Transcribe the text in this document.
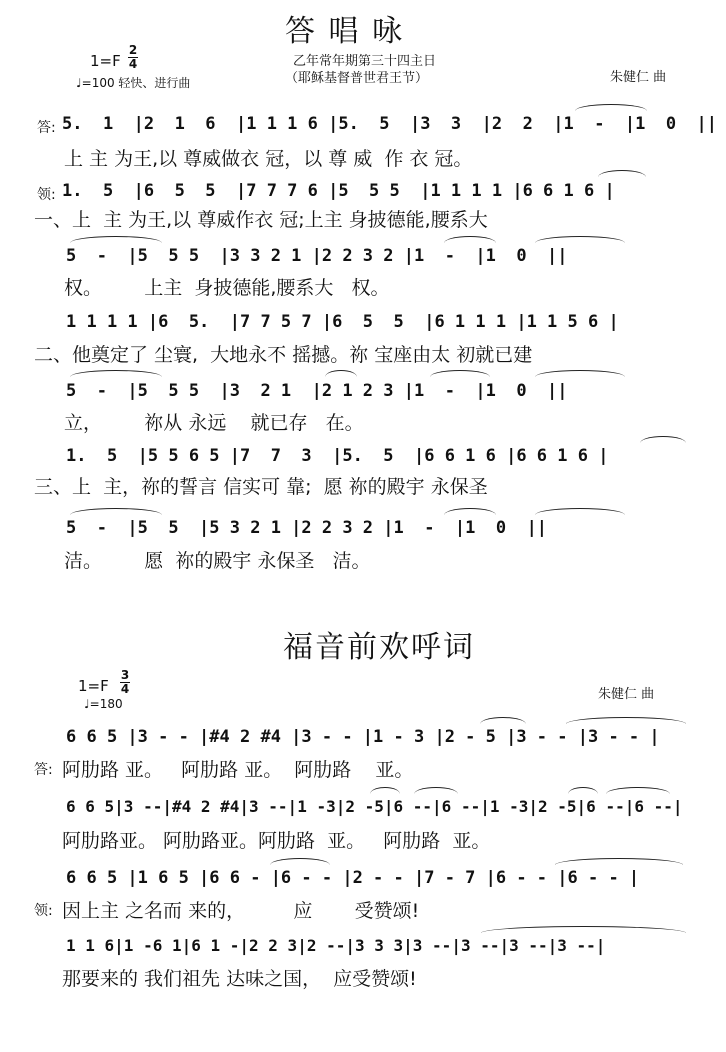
答 唱 咏
1=F
2
4
♩=100 轻快、进行曲
乙年常年期第三十四主日
（耶稣基督普世君王节）	朱健仁 曲
答: 5.  1  |2  1  6  |1 1 1 6 |5.  5  |3  3  |2  2  |1  -  |1  0  ||
上 主 为王,以 尊威做衣 冠，以 尊 威  作 衣 冠。
领: 1.  5  |6  5  5  |7 7 7 6 |5  5 5  |1 1 1 1 |6 6 1 6 |
一、上  主 为王,以 尊威作衣 冠;上主 身披德能,腰系大
5  -  |5  5 5  |3 3 2 1 |2 2 3 2 |1  -  |1  0  ||
权。       上主  身披德能,腰系大   权。
1 1 1 1 |6  5.  |7 7 5 7 |6  5  5  |6 1 1 1 |1 1 5 6 |
二、他奠定了 尘寰,  大地永不 摇撼。祢 宝座由太 初就已建
5  -  |5  5 5  |3  2 1  |2 1 2 3 |1  -  |1  0  ||
立，       祢从 永远    就已存   在。
1.  5  |5 5 6 5 |7  7  3  |5.  5  |6 6 1 6 |6 6 1 6 |
三、上  主，祢的誓言 信实可 靠;  愿 祢的殿宇 永保圣
5  -  |5  5  |5 3 2 1 |2 2 3 2 |1  -  |1  0  ||
洁。       愿  祢的殿宇 永保圣   洁。
福音前欢呼词
1=F
3
4
♩=180
朱健仁 曲
6 6 5 |3 - - |#4 2 #4 |3 - - |1 - 3 |2 - 5 |3 - - |3 - - |
答: 阿肋路 亚。   阿肋路 亚。  阿肋路    亚。
6 6 5|3 --|#4 2 #4|3 --|1 -3|2 -5|6 --|6 --|1 -3|2 -5|6 --|6 --|
阿肋路亚。 阿肋路亚。阿肋路  亚。   阿肋路  亚。
6 6 5 |1 6 5 |6 6 - |6 - - |2 - - |7 - 7 |6 - - |6 - - |
领: 因上主 之名而 来的，        应       受赞颂!
1 1 6|1 -6 1|6 1 -|2 2 3|2 --|3 3 3|3 --|3 --|3 --|3 --|
那要来的 我们祖先 达味之国，  应受赞颂!
